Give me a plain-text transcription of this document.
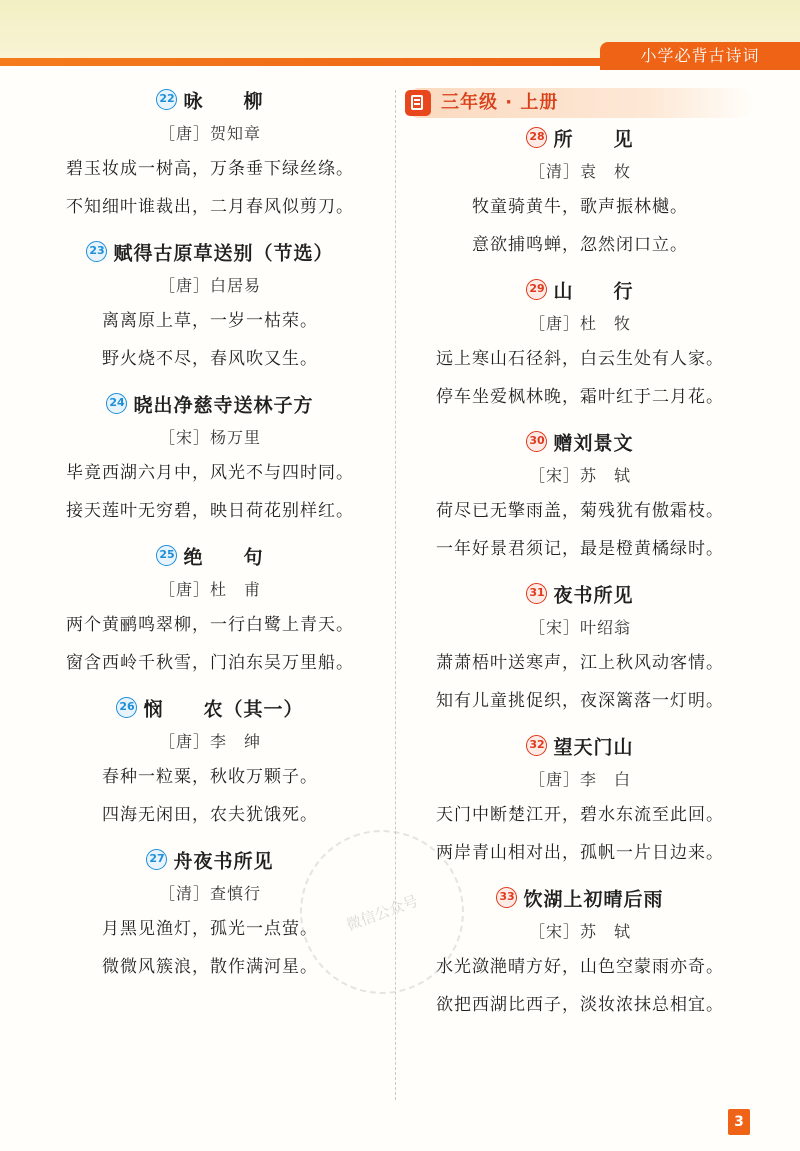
小学必背古诗词
22 咏　　柳
［唐］贺知章
碧玉妆成一树高，万条垂下绿丝绦。
不知细叶谁裁出，二月春风似剪刀。
23 赋得古原草送别（节选）
［唐］白居易
离离原上草，一岁一枯荣。
野火烧不尽，春风吹又生。
24 晓出净慈寺送林子方
［宋］杨万里
毕竟西湖六月中，风光不与四时同。
接天莲叶无穷碧，映日荷花别样红。
25 绝　　句
［唐］杜　甫
两个黄鹂鸣翠柳，一行白鹭上青天。
窗含西岭千秋雪，门泊东吴万里船。
26 悯　　农（其一）
［唐］李　绅
春种一粒粟，秋收万颗子。
四海无闲田，农夫犹饿死。
27 舟夜书所见
［清］查慎行
月黑见渔灯，孤光一点萤。
微微风簇浪，散作满河星。
三年级 · 上册
28 所　　见
［清］袁　枚
牧童骑黄牛，歌声振林樾。
意欲捕鸣蝉，忽然闭口立。
29 山　　行
［唐］杜　牧
远上寒山石径斜，白云生处有人家。
停车坐爱枫林晚，霜叶红于二月花。
30 赠刘景文
［宋］苏　轼
荷尽已无擎雨盖，菊残犹有傲霜枝。
一年好景君须记，最是橙黄橘绿时。
31 夜书所见
［宋］叶绍翁
萧萧梧叶送寒声，江上秋风动客情。
知有儿童挑促织，夜深篱落一灯明。
32 望天门山
［唐］李　白
天门中断楚江开，碧水东流至此回。
两岸青山相对出，孤帆一片日边来。
33 饮湖上初晴后雨
［宋］苏　轼
水光潋滟晴方好，山色空蒙雨亦奇。
欲把西湖比西子，淡妆浓抹总相宜。
微信公众号
3
